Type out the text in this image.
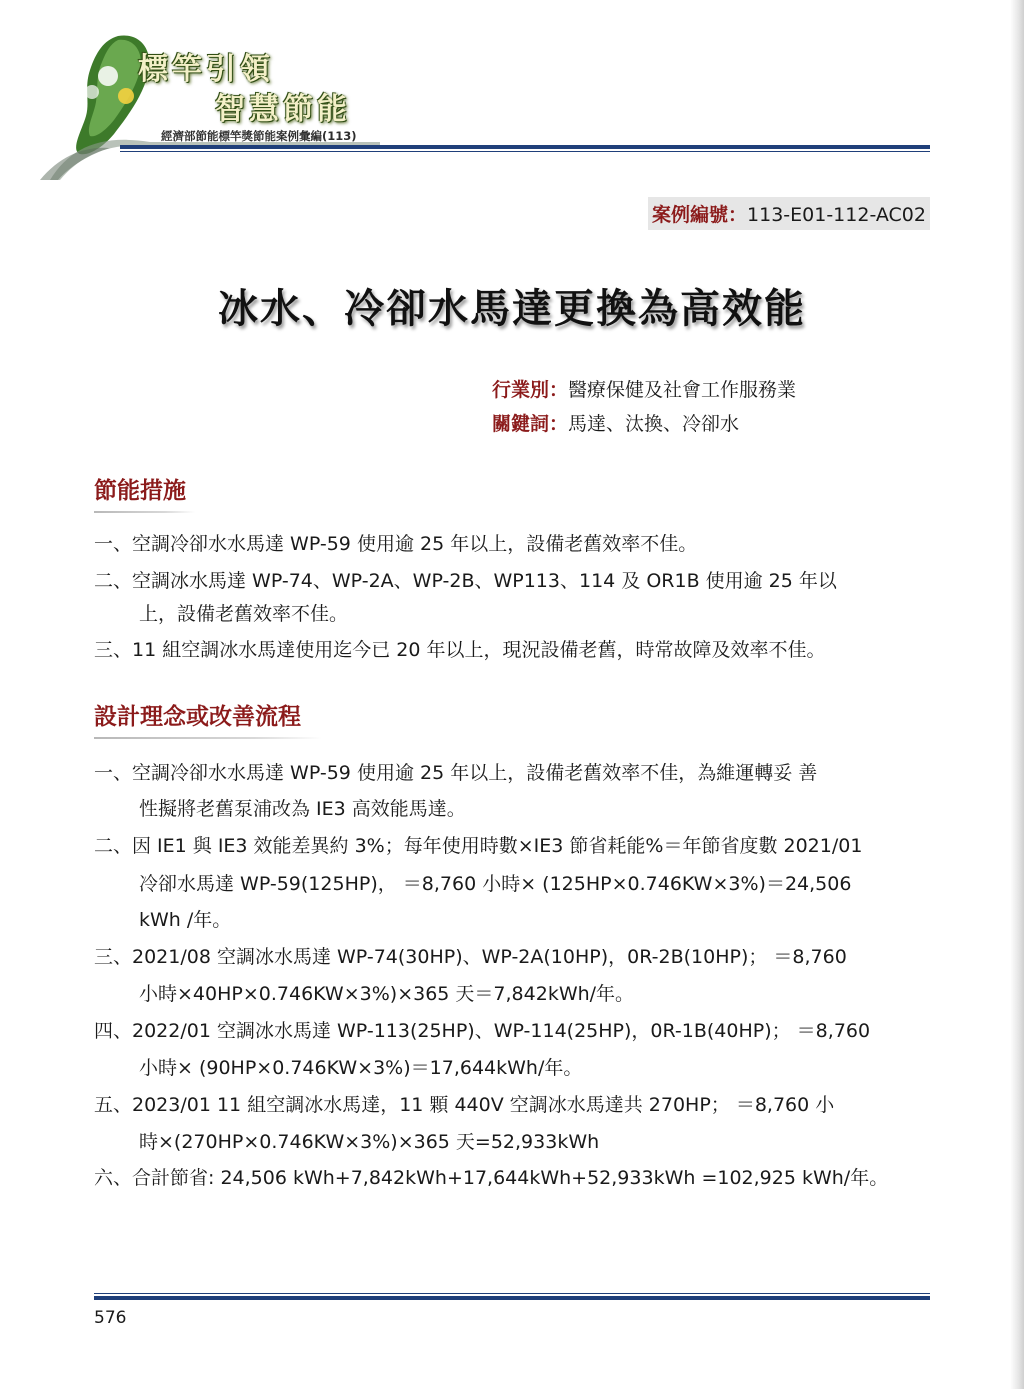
標竿引領
智慧節能
經濟部節能標竿獎節能案例彙編(113)
案例編號：113-E01-112-AC02
冰水、冷卻水馬達更換為高效能
行業別：醫療保健及社會工作服務業
關鍵詞：馬達、汰換、冷卻水
節能措施
一、空調冷卻水水馬達 WP-59 使用逾 25 年以上，設備老舊效率不佳。
二、空調冰水馬達 WP-74、WP-2A、WP-2B、WP113、114 及 OR1B 使用逾 25 年以
上，設備老舊效率不佳。
三、11 組空調冰水馬達使用迄今已 20 年以上，現況設備老舊，時常故障及效率不佳。
設計理念或改善流程
一、空調冷卻水水馬達 WP-59 使用逾 25 年以上，設備老舊效率不佳，為維運轉妥 善
性擬將老舊泵浦改為 IE3 高效能馬達。
二、因 IE1 與 IE3 效能差異約 3%；每年使用時數×IE3 節省耗能%＝年節省度數 2021/01
冷卻水馬達 WP-59(125HP)， ＝8,760 小時× (125HP×0.746KW×3%)＝24,506
kWh /年。
三、2021/08 空調冰水馬達 WP-74(30HP)、WP-2A(10HP)，0R-2B(10HP)； ＝8,760
小時×40HP×0.746KW×3%)×365 天＝7,842kWh/年。
四、2022/01 空調冰水馬達 WP-113(25HP)、WP-114(25HP)，0R-1B(40HP)； ＝8,760
小時× (90HP×0.746KW×3%)＝17,644kWh/年。
五、2023/01 11 組空調冰水馬達，11 顆 440V 空調冰水馬達共 270HP； ＝8,760 小
時×(270HP×0.746KW×3%)×365 天=52,933kWh
六、合計節省: 24,506 kWh+7,842kWh+17,644kWh+52,933kWh =102,925 kWh/年。
576
